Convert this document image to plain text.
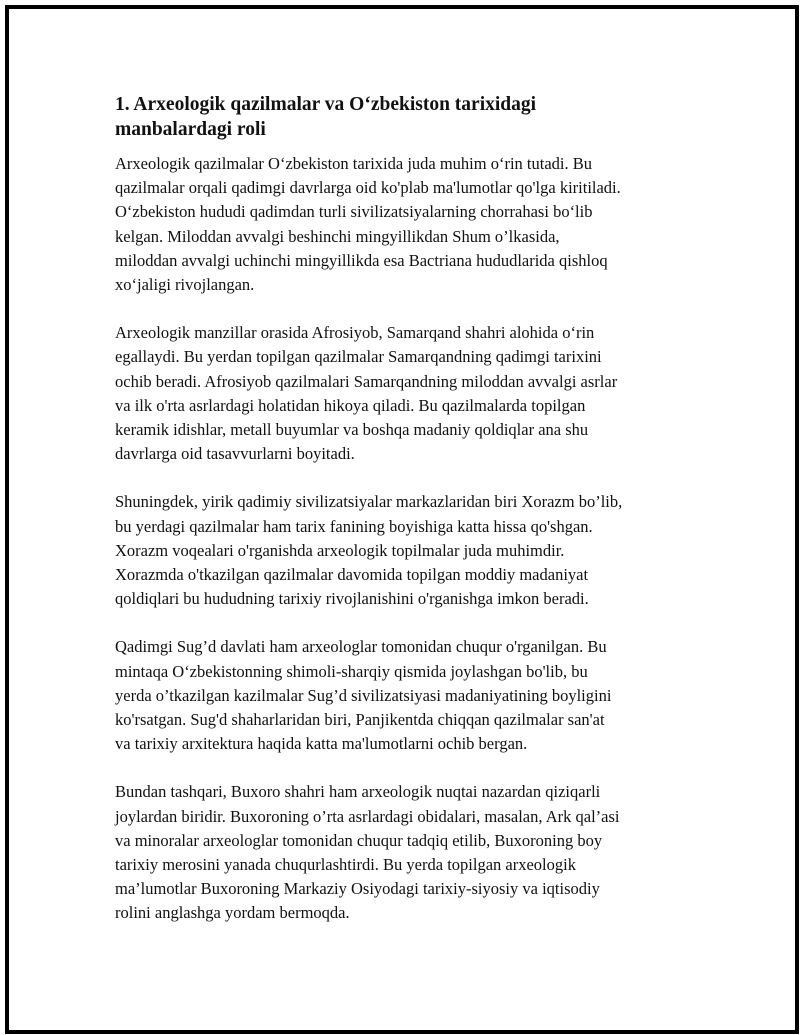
1. Arxeologik qazilmalar va O‘zbekiston tarixidagi
manbalardagi roli

Arxeologik qazilmalar O‘zbekiston tarixida juda muhim o‘rin tutadi. Bu
qazilmalar orqali qadimgi davrlarga oid ko'plab ma'lumotlar qo'lga kiritiladi.
O‘zbekiston hududi qadimdan turli sivilizatsiyalarning chorrahasi bo‘lib
kelgan. Miloddan avvalgi beshinchi mingyillikdan Shum o’lkasida,
miloddan avvalgi uchinchi mingyillikda esa Bactriana hududlarida qishloq
xo‘jaligi rivojlangan.

Arxeologik manzillar orasida Afrosiyob, Samarqand shahri alohida o‘rin
egallaydi. Bu yerdan topilgan qazilmalar Samarqandning qadimgi tarixini
ochib beradi. Afrosiyob qazilmalari Samarqandning miloddan avvalgi asrlar
va ilk o'rta asrlardagi holatidan hikoya qiladi. Bu qazilmalarda topilgan
keramik idishlar, metall buyumlar va boshqa madaniy qoldiqlar ana shu
davrlarga oid tasavvurlarni boyitadi.

Shuningdek, yirik qadimiy sivilizatsiyalar markazlaridan biri Xorazm bo’lib,
bu yerdagi qazilmalar ham tarix fanining boyishiga katta hissa qo'shgan.
Xorazm voqealari o'rganishda arxeologik topilmalar juda muhimdir.
Xorazmda o'tkazilgan qazilmalar davomida topilgan moddiy madaniyat
qoldiqlari bu hududning tarixiy rivojlanishini o'rganishga imkon beradi.

Qadimgi Sug’d davlati ham arxeologlar tomonidan chuqur o'rganilgan. Bu
mintaqa O‘zbekistonning shimoli-sharqiy qismida joylashgan bo'lib, bu
yerda o’tkazilgan kazilmalar Sug’d sivilizatsiyasi madaniyatining boyligini
ko'rsatgan. Sug'd shaharlaridan biri, Panjikentda chiqqan qazilmalar san'at
va tarixiy arxitektura haqida katta ma'lumotlarni ochib bergan.

Bundan tashqari, Buxoro shahri ham arxeologik nuqtai nazardan qiziqarli
joylardan biridir. Buxoroning o’rta asrlardagi obidalari, masalan, Ark qal’asi
va minoralar arxeologlar tomonidan chuqur tadqiq etilib, Buxoroning boy
tarixiy merosini yanada chuqurlashtirdi. Bu yerda topilgan arxeologik
ma’lumotlar Buxoroning Markaziy Osiyodagi tarixiy-siyosiy va iqtisodiy
rolini anglashga yordam bermoqda.
